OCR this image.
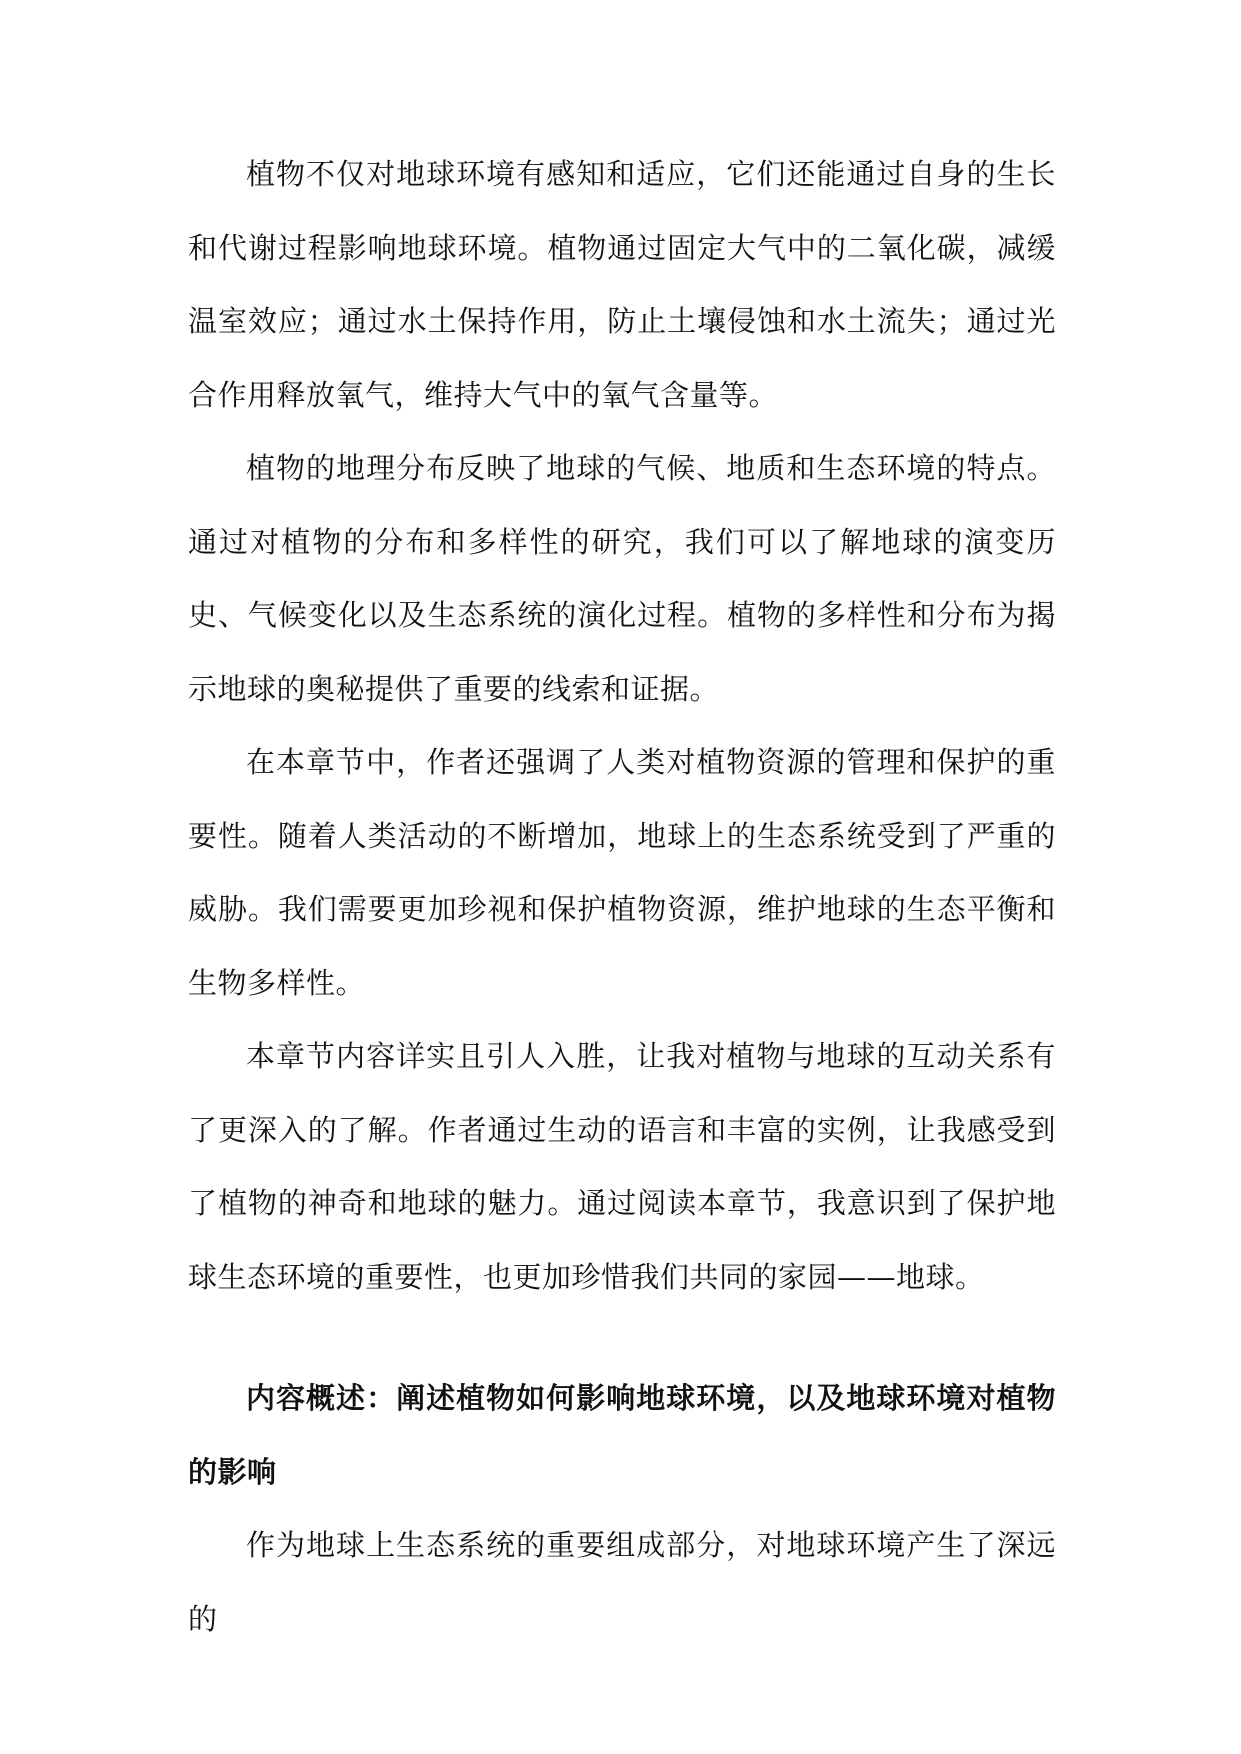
植物不仅对地球环境有感知和适应，它们还能通过自身的生长和代谢过程影响地球环境。植物通过固定大气中的二氧化碳，减缓温室效应；通过水土保持作用，防止土壤侵蚀和水土流失；通过光合作用释放氧气，维持大气中的氧气含量等。

植物的地理分布反映了地球的气候、地质和生态环境的特点。通过对植物的分布和多样性的研究，我们可以了解地球的演变历史、气候变化以及生态系统的演化过程。植物的多样性和分布为揭示地球的奥秘提供了重要的线索和证据。

在本章节中，作者还强调了人类对植物资源的管理和保护的重要性。随着人类活动的不断增加，地球上的生态系统受到了严重的威胁。我们需要更加珍视和保护植物资源，维护地球的生态平衡和生物多样性。

本章节内容详实且引人入胜，让我对植物与地球的互动关系有了更深入的了解。作者通过生动的语言和丰富的实例，让我感受到了植物的神奇和地球的魅力。通过阅读本章节，我意识到了保护地球生态环境的重要性，也更加珍惜我们共同的家园——地球。

内容概述：阐述植物如何影响地球环境，以及地球环境对植物的影响

作为地球上生态系统的重要组成部分，对地球环境产生了深远的
